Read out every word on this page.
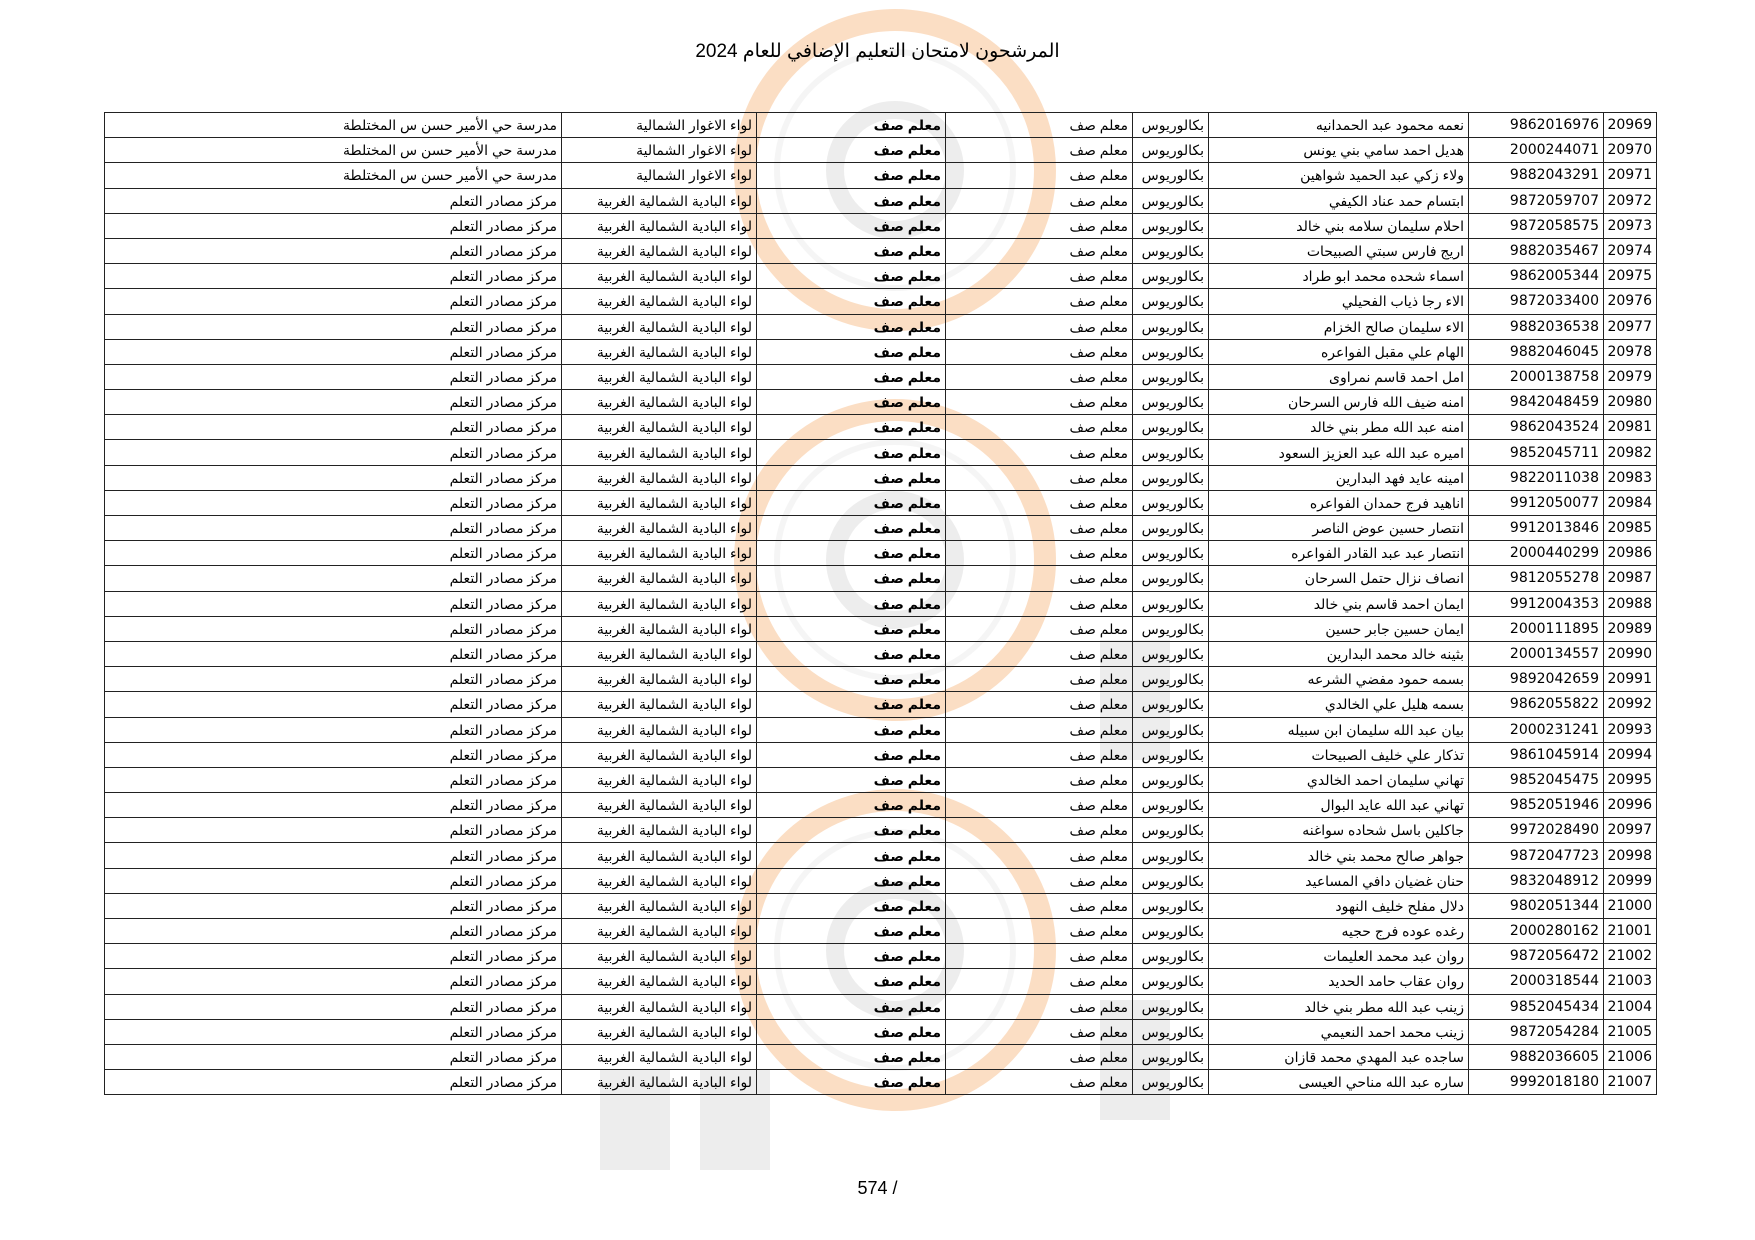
المرشحون لامتحان التعليم الإضافي للعام 2024
20969	9862016976	نعمه محمود عبد الحمدانيه	بكالوريوس	معلم صف	معلم صف	لواء الاغوار الشمالية	مدرسة حي الأمير حسن س المختلطة
20970	2000244071	هديل احمد سامي بني يونس	بكالوريوس	معلم صف	معلم صف	لواء الاغوار الشمالية	مدرسة حي الأمير حسن س المختلطة
20971	9882043291	ولاء زكي عبد الحميد شواهين	بكالوريوس	معلم صف	معلم صف	لواء الاغوار الشمالية	مدرسة حي الأمير حسن س المختلطة
20972	9872059707	ابتسام حمد عناد الكيفي	بكالوريوس	معلم صف	معلم صف	لواء البادية الشمالية الغربية	مركز مصادر التعلم
20973	9872058575	احلام سليمان سلامه بني خالد	بكالوريوس	معلم صف	معلم صف	لواء البادية الشمالية الغربية	مركز مصادر التعلم
20974	9882035467	اريج فارس سبتي الصبيحات	بكالوريوس	معلم صف	معلم صف	لواء البادية الشمالية الغربية	مركز مصادر التعلم
20975	9862005344	اسماء شحده محمد ابو طراد	بكالوريوس	معلم صف	معلم صف	لواء البادية الشمالية الغربية	مركز مصادر التعلم
20976	9872033400	الاء رجا ذياب الفحيلي	بكالوريوس	معلم صف	معلم صف	لواء البادية الشمالية الغربية	مركز مصادر التعلم
20977	9882036538	الاء سليمان صالح الخزام	بكالوريوس	معلم صف	معلم صف	لواء البادية الشمالية الغربية	مركز مصادر التعلم
20978	9882046045	الهام علي مقبل الفواعره	بكالوريوس	معلم صف	معلم صف	لواء البادية الشمالية الغربية	مركز مصادر التعلم
20979	2000138758	امل احمد قاسم نمراوى	بكالوريوس	معلم صف	معلم صف	لواء البادية الشمالية الغربية	مركز مصادر التعلم
20980	9842048459	امنه ضيف الله فارس السرحان	بكالوريوس	معلم صف	معلم صف	لواء البادية الشمالية الغربية	مركز مصادر التعلم
20981	9862043524	امنه عبد الله مطر بني خالد	بكالوريوس	معلم صف	معلم صف	لواء البادية الشمالية الغربية	مركز مصادر التعلم
20982	9852045711	اميره عبد الله عبد العزيز السعود	بكالوريوس	معلم صف	معلم صف	لواء البادية الشمالية الغربية	مركز مصادر التعلم
20983	9822011038	امينه عايد فهد البدارين	بكالوريوس	معلم صف	معلم صف	لواء البادية الشمالية الغربية	مركز مصادر التعلم
20984	9912050077	اناهيد فرج حمدان الفواعره	بكالوريوس	معلم صف	معلم صف	لواء البادية الشمالية الغربية	مركز مصادر التعلم
20985	9912013846	انتصار حسين عوض الناصر	بكالوريوس	معلم صف	معلم صف	لواء البادية الشمالية الغربية	مركز مصادر التعلم
20986	2000440299	انتصار عبد عبد القادر الفواعره	بكالوريوس	معلم صف	معلم صف	لواء البادية الشمالية الغربية	مركز مصادر التعلم
20987	9812055278	انصاف نزال حتمل السرحان	بكالوريوس	معلم صف	معلم صف	لواء البادية الشمالية الغربية	مركز مصادر التعلم
20988	9912004353	ايمان احمد قاسم بني خالد	بكالوريوس	معلم صف	معلم صف	لواء البادية الشمالية الغربية	مركز مصادر التعلم
20989	2000111895	ايمان حسين جابر حسين	بكالوريوس	معلم صف	معلم صف	لواء البادية الشمالية الغربية	مركز مصادر التعلم
20990	2000134557	بثينه خالد محمد البدارين	بكالوريوس	معلم صف	معلم صف	لواء البادية الشمالية الغربية	مركز مصادر التعلم
20991	9892042659	بسمه حمود مفضي الشرعه	بكالوريوس	معلم صف	معلم صف	لواء البادية الشمالية الغربية	مركز مصادر التعلم
20992	9862055822	بسمه هليل علي الخالدي	بكالوريوس	معلم صف	معلم صف	لواء البادية الشمالية الغربية	مركز مصادر التعلم
20993	2000231241	بيان عبد الله سليمان ابن سبيله	بكالوريوس	معلم صف	معلم صف	لواء البادية الشمالية الغربية	مركز مصادر التعلم
20994	9861045914	تذكار علي خليف الصبيحات	بكالوريوس	معلم صف	معلم صف	لواء البادية الشمالية الغربية	مركز مصادر التعلم
20995	9852045475	تهاني سليمان احمد الخالدي	بكالوريوس	معلم صف	معلم صف	لواء البادية الشمالية الغربية	مركز مصادر التعلم
20996	9852051946	تهاني عبد الله عايد البوال	بكالوريوس	معلم صف	معلم صف	لواء البادية الشمالية الغربية	مركز مصادر التعلم
20997	9972028490	جاكلين باسل شحاده سواغنه	بكالوريوس	معلم صف	معلم صف	لواء البادية الشمالية الغربية	مركز مصادر التعلم
20998	9872047723	جواهر صالح محمد بني خالد	بكالوريوس	معلم صف	معلم صف	لواء البادية الشمالية الغربية	مركز مصادر التعلم
20999	9832048912	حنان غضيان دافي المساعيد	بكالوريوس	معلم صف	معلم صف	لواء البادية الشمالية الغربية	مركز مصادر التعلم
21000	9802051344	دلال مفلح خليف النهود	بكالوريوس	معلم صف	معلم صف	لواء البادية الشمالية الغربية	مركز مصادر التعلم
21001	2000280162	رغده عوده فرج حجيه	بكالوريوس	معلم صف	معلم صف	لواء البادية الشمالية الغربية	مركز مصادر التعلم
21002	9872056472	روان عبد محمد العليمات	بكالوريوس	معلم صف	معلم صف	لواء البادية الشمالية الغربية	مركز مصادر التعلم
21003	2000318544	روان عقاب حامد الحديد	بكالوريوس	معلم صف	معلم صف	لواء البادية الشمالية الغربية	مركز مصادر التعلم
21004	9852045434	زينب عبد الله مطر بني خالد	بكالوريوس	معلم صف	معلم صف	لواء البادية الشمالية الغربية	مركز مصادر التعلم
21005	9872054284	زينب محمد احمد النعيمي	بكالوريوس	معلم صف	معلم صف	لواء البادية الشمالية الغربية	مركز مصادر التعلم
21006	9882036605	ساجده عبد المهدي محمد قازان	بكالوريوس	معلم صف	معلم صف	لواء البادية الشمالية الغربية	مركز مصادر التعلم
21007	9992018180	ساره عبد الله مناحي العيسى	بكالوريوس	معلم صف	معلم صف	لواء البادية الشمالية الغربية	مركز مصادر التعلم
574 /
